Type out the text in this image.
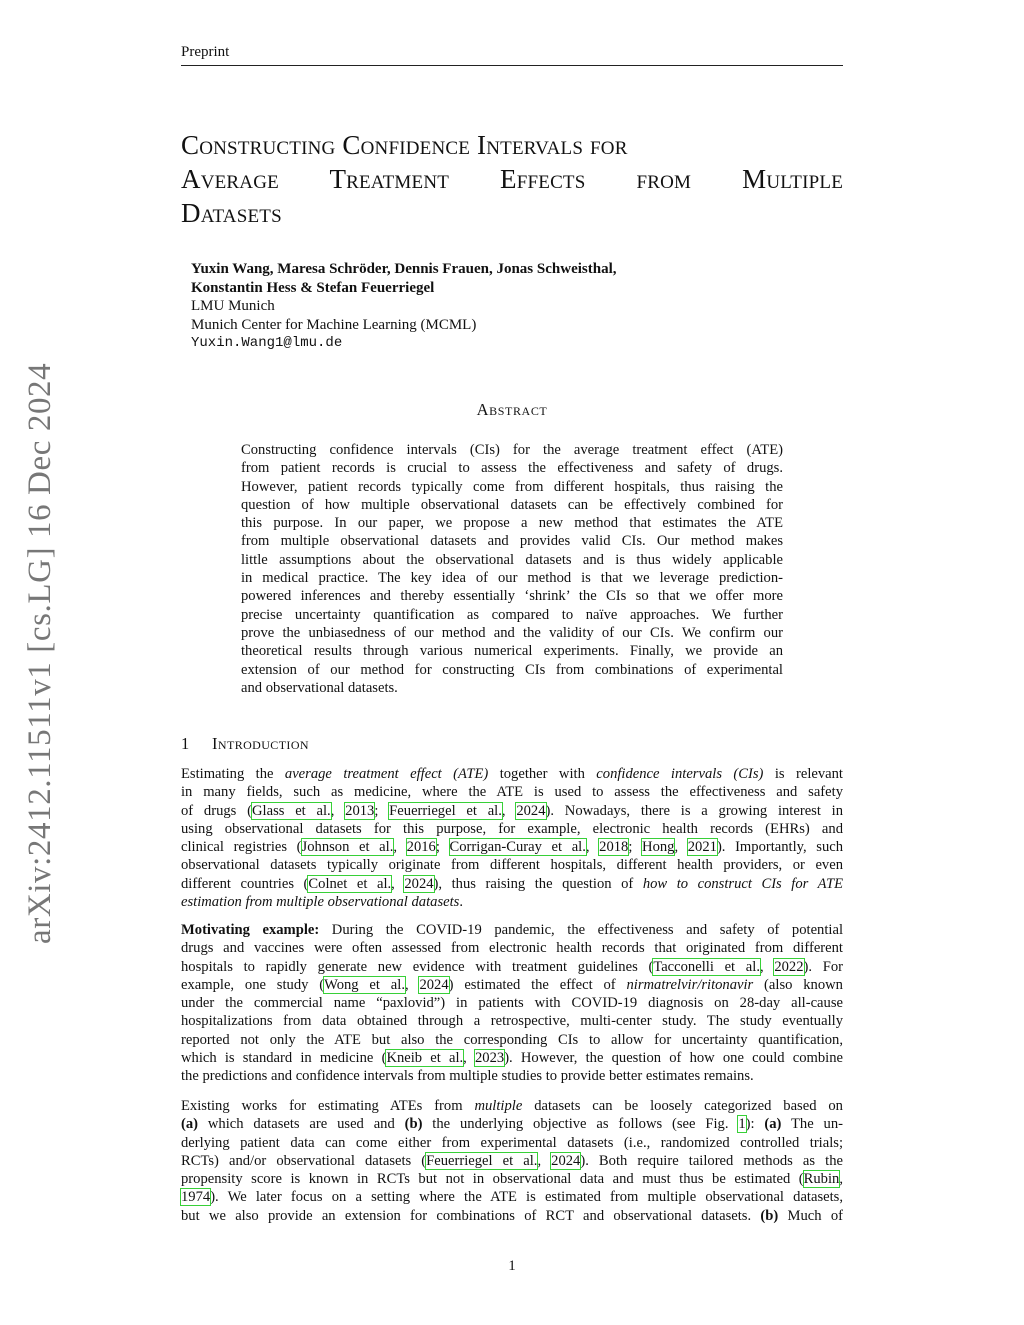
Preprint
arXiv:2412.11511v1 [cs.LG] 16 Dec 2024
Constructing Confidence Intervals for
Average Treatment Effects from Multiple
Datasets
Yuxin Wang, Maresa Schröder, Dennis Frauen, Jonas Schweisthal,
Konstantin Hess & Stefan Feuerriegel
LMU Munich
Munich Center for Machine Learning (MCML)
Yuxin.Wang1@lmu.de
Abstract
Constructing confidence intervals (CIs) for the average treatment effect (ATE)
from patient records is crucial to assess the effectiveness and safety of drugs.
However, patient records typically come from different hospitals, thus raising the
question of how multiple observational datasets can be effectively combined for
this purpose. In our paper, we propose a new method that estimates the ATE
from multiple observational datasets and provides valid CIs. Our method makes
little assumptions about the observational datasets and is thus widely applicable
in medical practice. The key idea of our method is that we leverage prediction-
powered inferences and thereby essentially ‘shrink’ the CIs so that we offer more
precise uncertainty quantification as compared to naïve approaches. We further
prove the unbiasedness of our method and the validity of our CIs. We confirm our
theoretical results through various numerical experiments. Finally, we provide an
extension of our method for constructing CIs from combinations of experimental
and observational datasets.
1 Introduction
Estimating the average treatment effect (ATE) together with confidence intervals (CIs) is relevant
in many fields, such as medicine, where the ATE is used to assess the effectiveness and safety
of drugs (Glass et al., 2013; Feuerriegel et al., 2024). Nowadays, there is a growing interest in
using observational datasets for this purpose, for example, electronic health records (EHRs) and
clinical registries (Johnson et al., 2016; Corrigan-Curay et al., 2018; Hong, 2021). Importantly, such
observational datasets typically originate from different hospitals, different health providers, or even
different countries (Colnet et al., 2024), thus raising the question of how to construct CIs for ATE
estimation from multiple observational datasets.
Motivating example: During the COVID-19 pandemic, the effectiveness and safety of potential
drugs and vaccines were often assessed from electronic health records that originated from different
hospitals to rapidly generate new evidence with treatment guidelines (Tacconelli et al., 2022). For
example, one study (Wong et al., 2024) estimated the effect of nirmatrelvir/ritonavir (also known
under the commercial name “paxlovid”) in patients with COVID-19 diagnosis on 28-day all-cause
hospitalizations from data obtained through a retrospective, multi-center study. The study eventually
reported not only the ATE but also the corresponding CIs to allow for uncertainty quantification,
which is standard in medicine (Kneib et al., 2023). However, the question of how one could combine
the predictions and confidence intervals from multiple studies to provide better estimates remains.
Existing works for estimating ATEs from multiple datasets can be loosely categorized based on
(a) which datasets are used and (b) the underlying objective as follows (see Fig. 1): (a) The un-
derlying patient data can come either from experimental datasets (i.e., randomized controlled trials;
RCTs) and/or observational datasets (Feuerriegel et al., 2024). Both require tailored methods as the
propensity score is known in RCTs but not in observational data and must thus be estimated (Rubin,
1974). We later focus on a setting where the ATE is estimated from multiple observational datasets,
but we also provide an extension for combinations of RCT and observational datasets. (b) Much of
1
